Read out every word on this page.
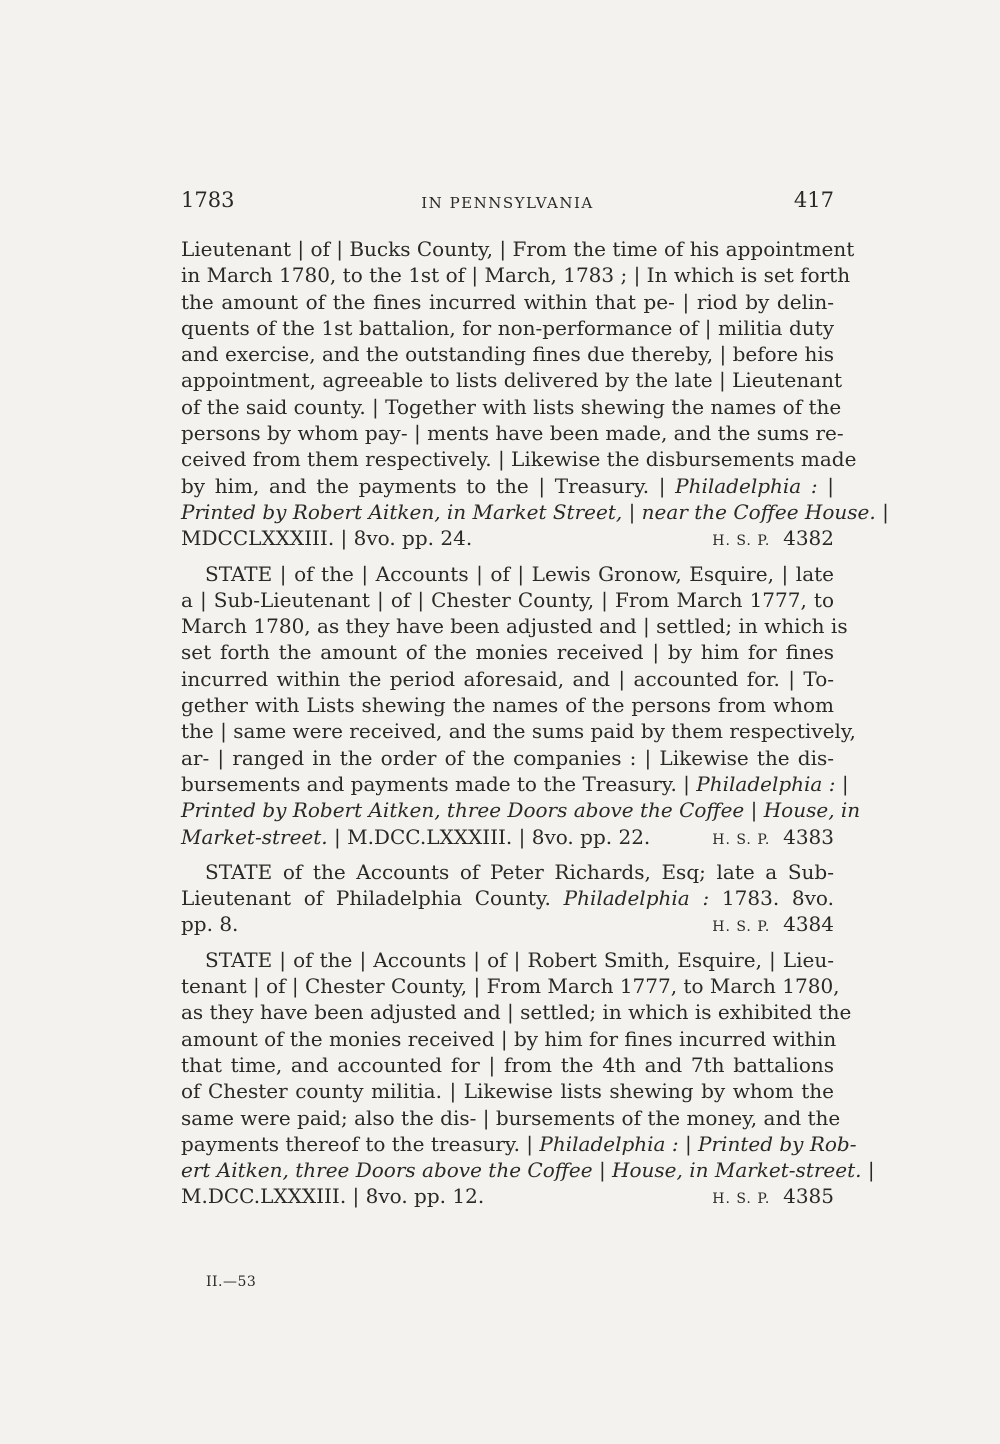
1783	IN PENNSYLVANIA	417
Lieutenant | of | Bucks County, | From the time of his appointment
in March 1780, to the 1st of | March, 1783 ; | In which is set forth
the amount of the fines incurred within that pe- | riod by delin-
quents of the 1st battalion, for non-performance of | militia duty
and exercise, and the outstanding fines due thereby, | before his
appointment, agreeable to lists delivered by the late | Lieutenant
of the said county. | Together with lists shewing the names of the
persons by whom pay- | ments have been made, and the sums re-
ceived from them respectively. | Likewise the disbursements made
by him, and the payments to the | Treasury. | Philadelphia : |
Printed by Robert Aitken, in Market Street, | near the Coffee House. |
MDCCLXXXIII. | 8vo. pp. 24.	H. S. P. 4382
STATE | of the | Accounts | of | Lewis Gronow, Esquire, | late
a | Sub-Lieutenant | of | Chester County, | From March 1777, to
March 1780, as they have been adjusted and | settled; in which is
set forth the amount of the monies received | by him for fines
incurred within the period aforesaid, and | accounted for. | To-
gether with Lists shewing the names of the persons from whom
the | same were received, and the sums paid by them respectively,
ar- | ranged in the order of the companies : | Likewise the dis-
bursements and payments made to the Treasury. | Philadelphia : |
Printed by Robert Aitken, three Doors above the Coffee | House, in
Market-street. | M.DCC.LXXXIII. | 8vo. pp. 22.	H. S. P. 4383
STATE of the Accounts of Peter Richards, Esq; late a Sub-
Lieutenant of Philadelphia County. Philadelphia : 1783. 8vo.
pp. 8.	H. S. P. 4384
STATE | of the | Accounts | of | Robert Smith, Esquire, | Lieu-
tenant | of | Chester County, | From March 1777, to March 1780,
as they have been adjusted and | settled; in which is exhibited the
amount of the monies received | by him for fines incurred within
that time, and accounted for | from the 4th and 7th battalions
of Chester county militia. | Likewise lists shewing by whom the
same were paid; also the dis- | bursements of the money, and the
payments thereof to the treasury. | Philadelphia : | Printed by Rob-
ert Aitken, three Doors above the Coffee | House, in Market-street. |
M.DCC.LXXXIII. | 8vo. pp. 12.	H. S. P. 4385
II.—53
